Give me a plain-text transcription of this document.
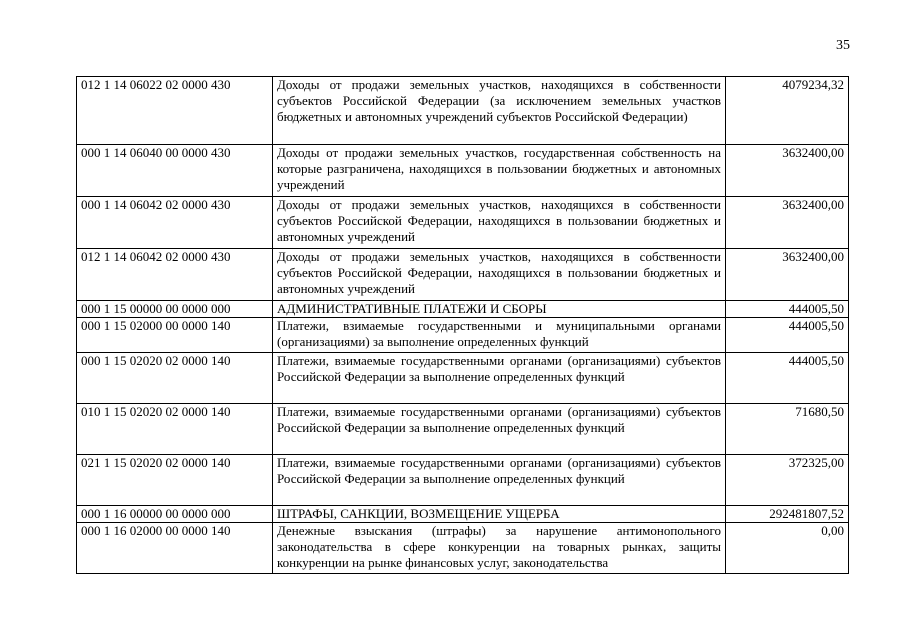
35
012 1 14 06022 02 0000 430	Доходы от продажи земельных участков, находящихся в собственности субъектов Российской Федерации (за исключением земельных участков бюджетных и автономных учреждений субъектов Российской Федерации)	4079234,32
000 1 14 06040 00 0000 430	Доходы от продажи земельных участков, государственная собственность на которые разграничена, находящихся в пользовании бюджетных и автономных учреждений	3632400,00
000 1 14 06042 02 0000 430	Доходы от продажи земельных участков, находящихся в собственности субъектов Российской Федерации, находящихся в пользовании бюджетных и автономных учреждений	3632400,00
012 1 14 06042 02 0000 430	Доходы от продажи земельных участков, находящихся в собственности субъектов Российской Федерации, находящихся в пользовании бюджетных и автономных учреждений	3632400,00
000 1 15 00000 00 0000 000	АДМИНИСТРАТИВНЫЕ ПЛАТЕЖИ И СБОРЫ	444005,50
000 1 15 02000 00 0000 140	Платежи, взимаемые государственными и муниципальными органами (организациями) за выполнение определенных функций	444005,50
000 1 15 02020 02 0000 140	Платежи, взимаемые государственными органами (организациями) субъектов Российской Федерации за выполнение определенных функций	444005,50
010 1 15 02020 02 0000 140	Платежи, взимаемые государственными органами (организациями) субъектов Российской Федерации за выполнение определенных функций	71680,50
021 1 15 02020 02 0000 140	Платежи, взимаемые государственными органами (организациями) субъектов Российской Федерации за выполнение определенных функций	372325,00
000 1 16 00000 00 0000 000	ШТРАФЫ, САНКЦИИ, ВОЗМЕЩЕНИЕ УЩЕРБА	292481807,52
000 1 16 02000 00 0000 140	Денежные взыскания (штрафы) за нарушение антимонопольного законодательства в сфере конкуренции на товарных рынках, защиты конкуренции на рынке финансовых услуг, законодательства	0,00
